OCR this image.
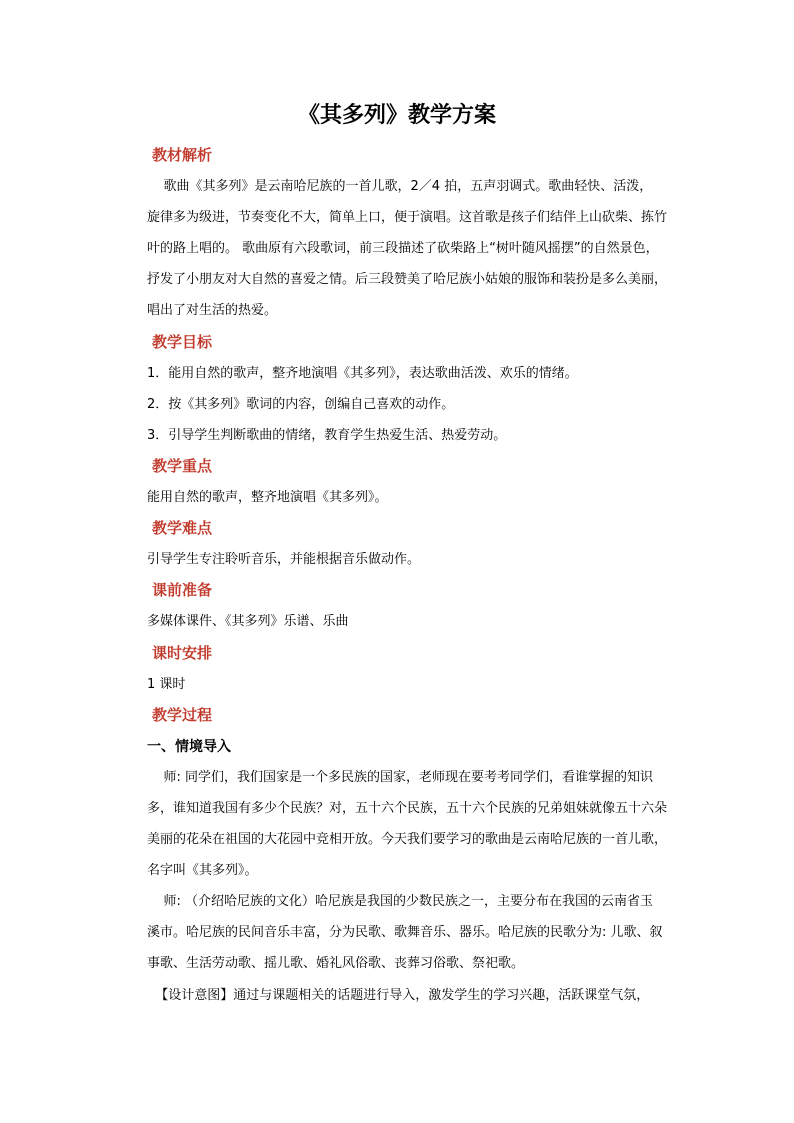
《其多列》教学方案
教材解析
歌曲《其多列》是云南哈尼族的一首儿歌，2／4 拍，五声羽调式。歌曲轻快、活泼，
旋律多为级进，节奏变化不大，简单上口，便于演唱。这首歌是孩子们结伴上山砍柴、拣竹
叶的路上唱的。 歌曲原有六段歌词，前三段描述了砍柴路上“树叶随风摇摆”的自然景色，
抒发了小朋友对大自然的喜爱之情。后三段赞美了哈尼族小姑娘的服饰和装扮是多么美丽，
唱出了对生活的热爱。
教学目标
1．能用自然的歌声，整齐地演唱《其多列》，表达歌曲活泼、欢乐的情绪。
2．按《其多列》歌词的内容，创编自己喜欢的动作。
3．引导学生判断歌曲的情绪，教育学生热爱生活、热爱劳动。
教学重点
能用自然的歌声，整齐地演唱《其多列》。
教学难点
引导学生专注聆听音乐，并能根据音乐做动作。
课前准备
多媒体课件、《其多列》乐谱、乐曲
课时安排
1 课时
教学过程
一、情境导入
师: 同学们，我们国家是一个多民族的国家，老师现在要考考同学们，看谁掌握的知识
多，谁知道我国有多少个民族？对，五十六个民族，五十六个民族的兄弟姐妹就像五十六朵
美丽的花朵在祖国的大花园中竞相开放。今天我们要学习的歌曲是云南哈尼族的一首儿歌，
名字叫《其多列》。
师: （介绍哈尼族的文化）哈尼族是我国的少数民族之一，主要分布在我国的云南省玉
溪市。哈尼族的民间音乐丰富，分为民歌、歌舞音乐、器乐。哈尼族的民歌分为: 儿歌、叙
事歌、生活劳动歌、摇儿歌、婚礼风俗歌、丧葬习俗歌、祭祀歌。
【设计意图】通过与课题相关的话题进行导入，激发学生的学习兴趣，活跃课堂气氛，
